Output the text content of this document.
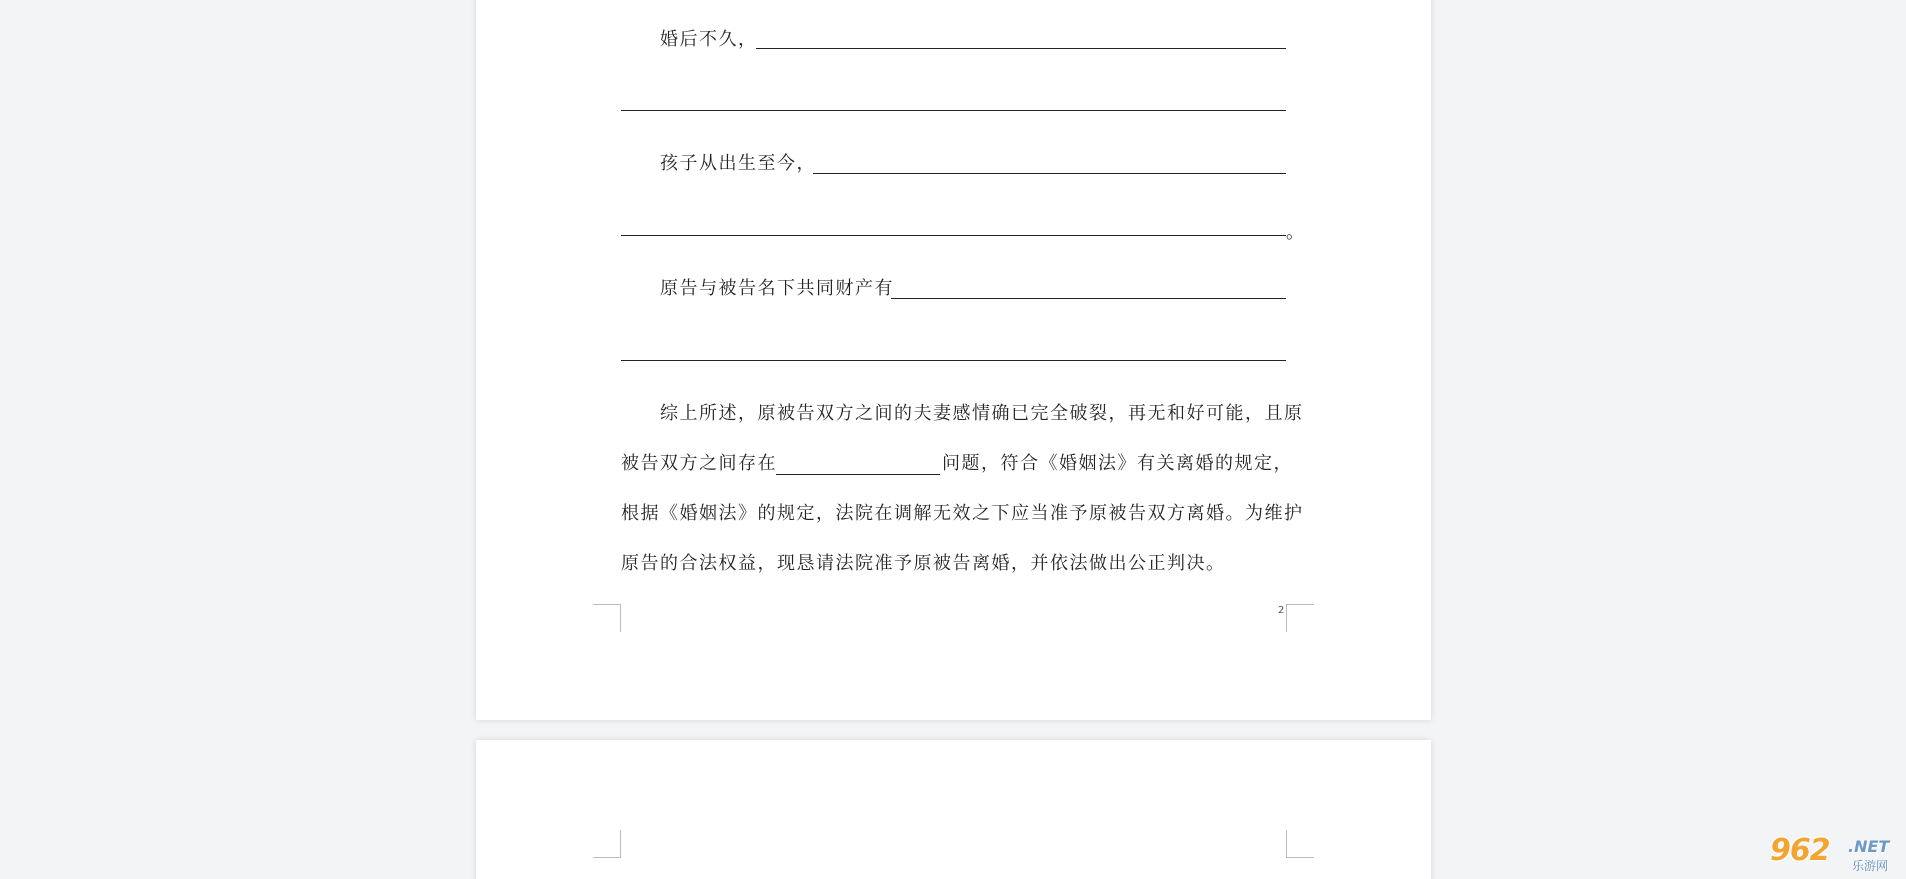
婚后不久，
孩子从出生至今，
。
原告与被告名下共同财产有
综上所述，原被告双方之间的夫妻感情确已完全破裂，再无和好可能，且原
被告双方之间存在	问题，符合《婚姻法》有关离婚的规定，
根据《婚姻法》的规定，法院在调解无效之下应当准予原被告双方离婚。为维护
原告的合法权益，现恳请法院准予原被告离婚，并依法做出公正判决。
2
962 .NET
乐游网
